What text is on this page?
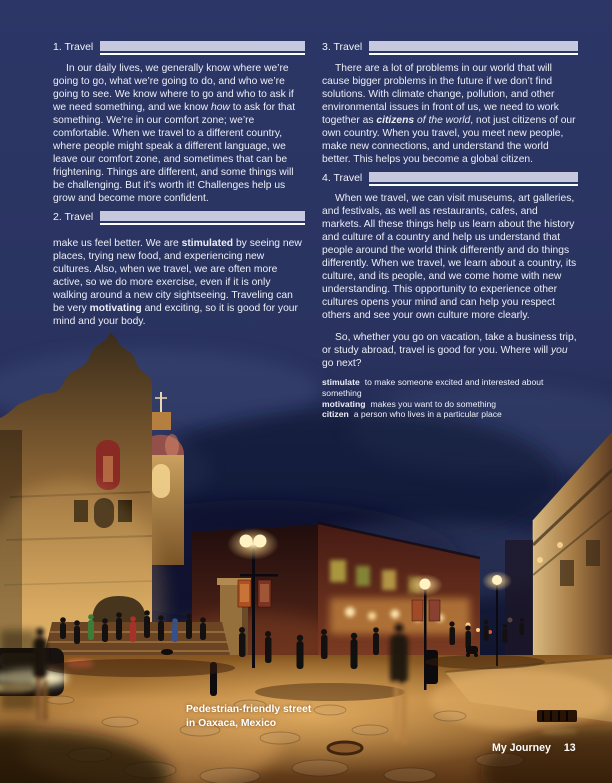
1. Travel

In our daily lives, we generally know where we’re going to go, what we’re going to do, and who we’re going to see. We know where to go and who to ask if we need something, and we know how to ask for that something. We’re in our comfort zone; we’re comfortable. When we travel to a different country, where people might speak a different language, we leave our comfort zone, and sometimes that can be frightening. Things are different, and some things will be challenging. But it’s worth it! Challenges help us grow and become more confident.

2. Travel

make us feel better. We are stimulated by seeing new places, trying new food, and experiencing new cultures. Also, when we travel, we are often more active, so we do more exercise, even if it is only walking around a new city sightseeing. Traveling can be very motivating and exciting, so it is good for your mind and your body.

3. Travel

There are a lot of problems in our world that will cause bigger problems in the future if we don’t find solutions. With climate change, pollution, and other environmental issues in front of us, we need to work together as citizens of the world, not just citizens of our own country. When you travel, you meet new people, make new connections, and understand the world better. This helps you become a global citizen.

4. Travel

When we travel, we can visit museums, art galleries, and festivals, as well as restaurants, cafes, and markets. All these things help us learn about the history and culture of a country and help us understand that people around the world think differently and do things differently. When we travel, we learn about a country, its culture, and its people, and we come home with new understanding. This opportunity to experience other cultures opens your mind and can help you respect others and see your own culture more clearly.

So, whether you go on vacation, take a business trip, or study abroad, travel is good for you. Where will you go next?

stimulate to make someone excited and interested about something
motivating makes you want to do something
citizen a person who lives in a particular place
Pedestrian-friendly street
in Oaxaca, Mexico
My Journey 13
